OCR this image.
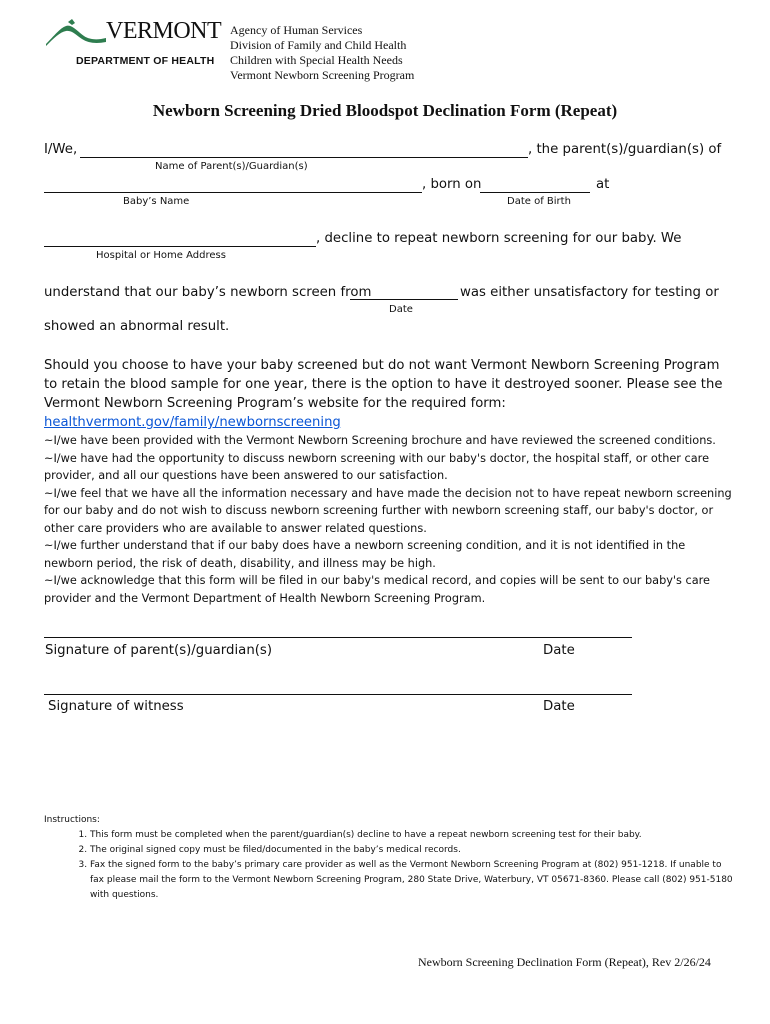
VERMONT
DEPARTMENT OF HEALTH
Agency of Human Services
Division of Family and Child Health
Children with Special Health Needs
Vermont Newborn Screening Program
Newborn Screening Dried Bloodspot Declination Form (Repeat)
I/We,	, the parent(s)/guardian(s) of
Name of Parent(s)/Guardian(s)
, born on	at
Baby’s Name	Date of Birth
, decline to repeat newborn screening for our baby. We
Hospital or Home Address
understand that our baby’s newborn screen from	was either unsatisfactory for testing or
Date
showed an abnormal result.
Should you choose to have your baby screened but do not want Vermont Newborn Screening Program to retain the blood sample for one year, there is the option to have it destroyed sooner. Please see the Vermont Newborn Screening Program’s website for the required form: healthvermont.gov/family/newbornscreening
~I/we have been provided with the Vermont Newborn Screening brochure and have reviewed the screened conditions.
~I/we have had the opportunity to discuss newborn screening with our baby's doctor, the hospital staff, or other care provider, and all our questions have been answered to our satisfaction.
~I/we feel that we have all the information necessary and have made the decision not to have repeat newborn screening for our baby and do not wish to discuss newborn screening further with newborn screening staff, our baby's doctor, or other care providers who are available to answer related questions.
~I/we further understand that if our baby does have a newborn screening condition, and it is not identified in the newborn period, the risk of death, disability, and illness may be high.
~I/we acknowledge that this form will be filed in our baby's medical record, and copies will be sent to our baby's care provider and the Vermont Department of Health Newborn Screening Program.
Signature of parent(s)/guardian(s)	Date
Signature of witness	Date
Instructions:
1. This form must be completed when the parent/guardian(s) decline to have a repeat newborn screening test for their baby.
2. The original signed copy must be filed/documented in the baby’s medical records.
3. Fax the signed form to the baby’s primary care provider as well as the Vermont Newborn Screening Program at (802) 951-1218. If unable to fax please mail the form to the Vermont Newborn Screening Program, 280 State Drive, Waterbury, VT 05671-8360. Please call (802) 951-5180 with questions.
Newborn Screening Declination Form (Repeat), Rev 2/26/24
